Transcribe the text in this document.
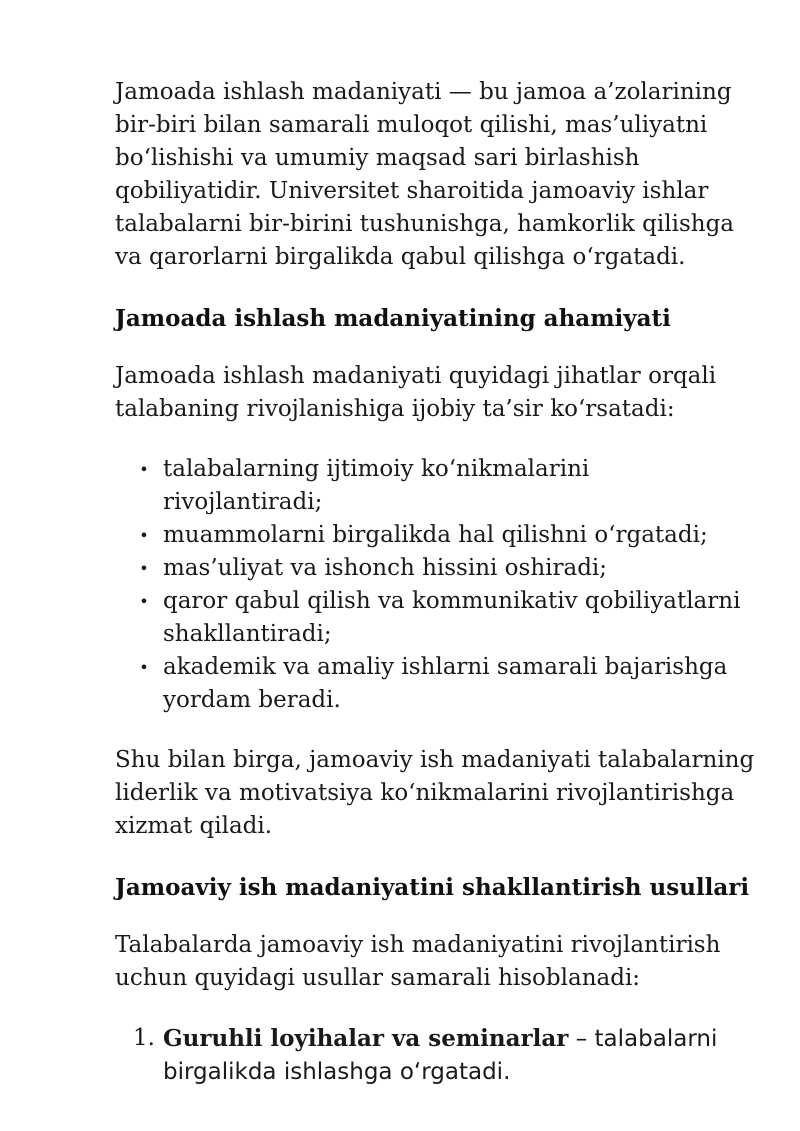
Jamoada ishlash madaniyati — bu jamoa a’zolarining bir-biri bilan samarali muloqot qilishi, mas’uliyatni bo‘lishishi va umumiy maqsad sari birlashish qobiliyatidir. Universitet sharoitida jamoaviy ishlar talabalarni bir-birini tushunishga, hamkorlik qilishga va qarorlarni birgalikda qabul qilishga o‘rgatadi.

Jamoada ishlash madaniyatining ahamiyati

Jamoada ishlash madaniyati quyidagi jihatlar orqali talabaning rivojlanishiga ijobiy ta’sir ko‘rsatadi:

• talabalarning ijtimoiy ko‘nikmalarini rivojlantiradi;
• muammolarni birgalikda hal qilishni o‘rgatadi;
• mas’uliyat va ishonch hissini oshiradi;
• qaror qabul qilish va kommunikativ qobiliyatlarni shakllantiradi;
• akademik va amaliy ishlarni samarali bajarishga yordam beradi.

Shu bilan birga, jamoaviy ish madaniyati talabalarning liderlik va motivatsiya ko‘nikmalarini rivojlantirishga xizmat qiladi.

Jamoaviy ish madaniyatini shakllantirish usullari

Talabalarda jamoaviy ish madaniyatini rivojlantirish uchun quyidagi usullar samarali hisoblanadi:

1. Guruhli loyihalar va seminarlar – talabalarni birgalikda ishlashga o‘rgatadi.
